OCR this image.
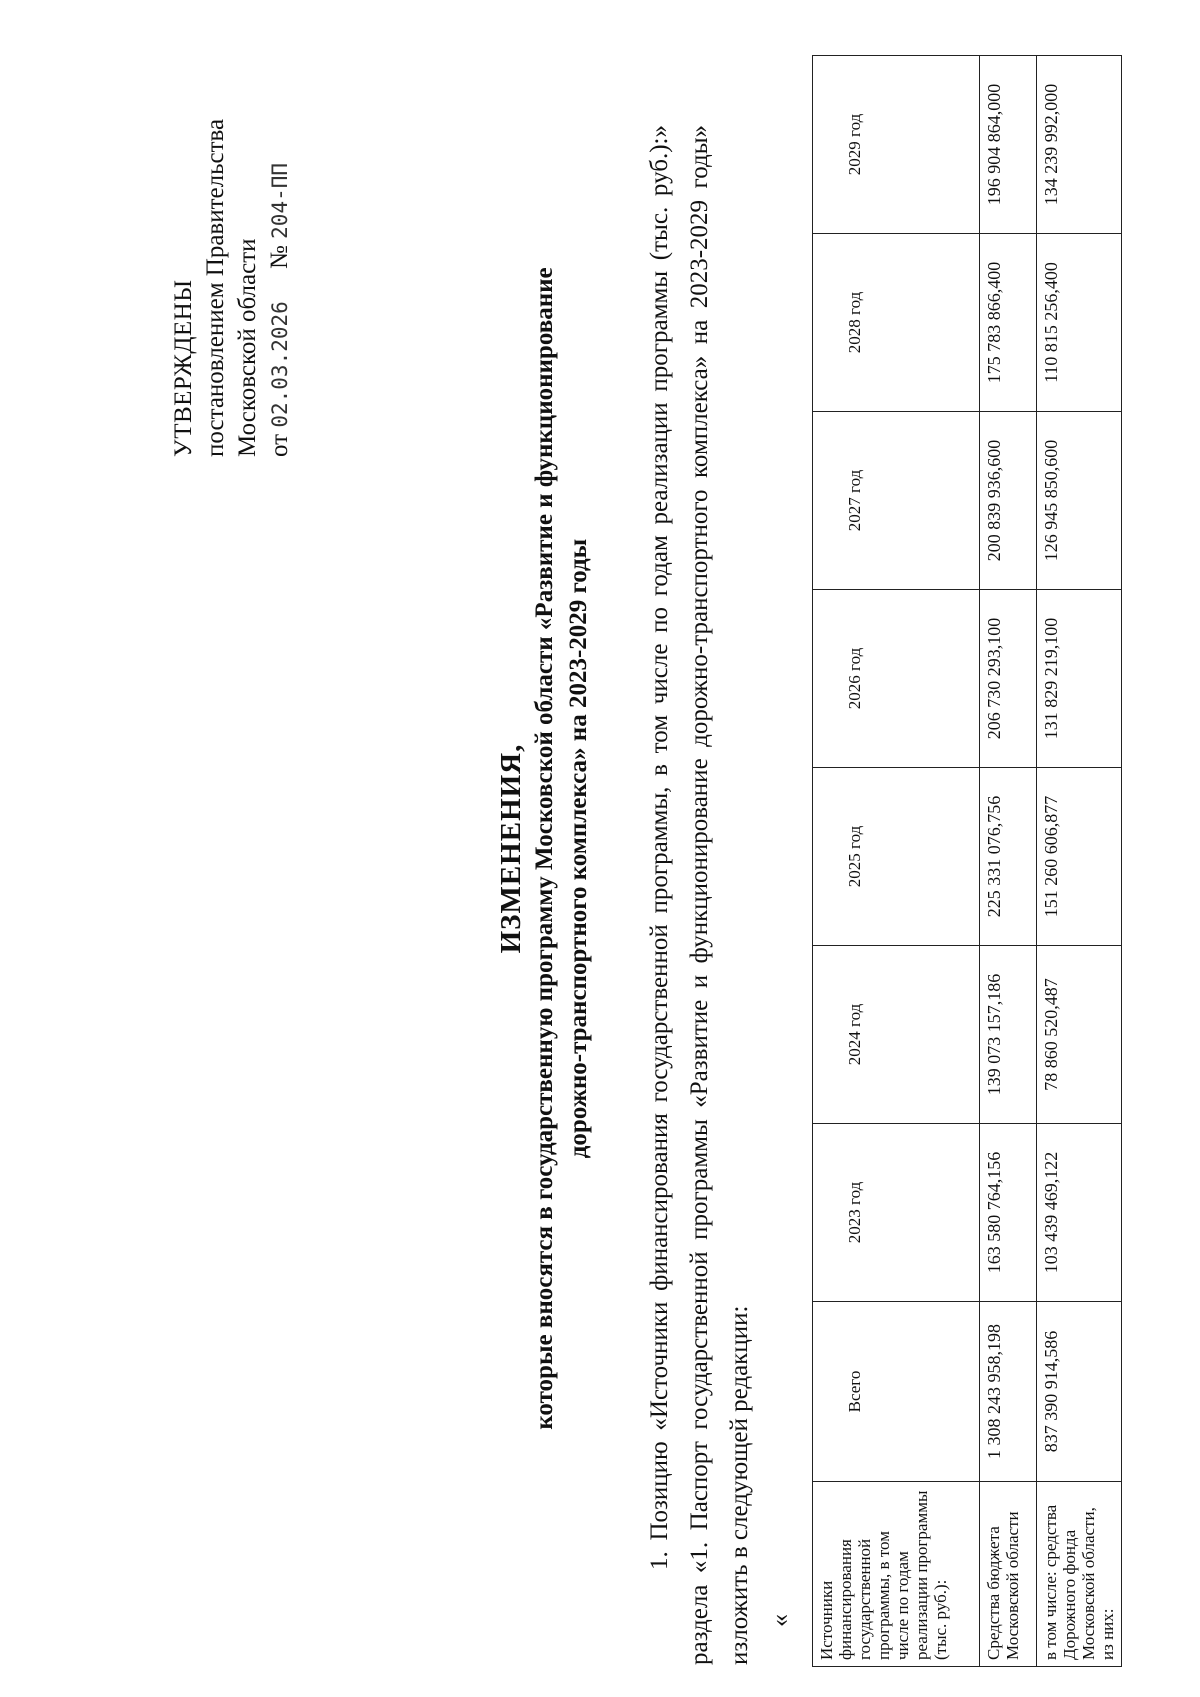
УТВЕРЖДЕНЫ постановлением Правительства Московской области от 02.03.2026 № 204-ПП
ИЗМЕНЕНИЯ, которые вносятся в государственную программу Московской области «Развитие и функционирование дорожно-транспортного комплекса» на 2023-2029 годы 1. Позицию «Источники финансирования государственной программы, в том числе по годам реализации программы (тыс. руб.):» раздела «1. Паспорт государственной программы «Развитие и функционирование дорожно-транспортного комплекса» на 2023-2029 годы» изложить в следующей редакции: « Источники финансирования государственной программы, в том числе по годам реализации программы (тыс. руб.):	Всего	2023 год	2024 год	2025 год	2026 год	2027 год	2028 год	2029 год
Средства бюджета Московской области	1 308 243 958,198	163 580 764,156	139 073 157,186	225 331 076,756	206 730 293,100	200 839 936,600	175 783 866,400	196 904 864,000
в том числе: средства Дорожного фонда Московской области, из них:	837 390 914,586	103 439 469,122	78 860 520,487	151 260 606,877	131 829 219,100	126 945 850,600	110 815 256,400	134 239 992,000
